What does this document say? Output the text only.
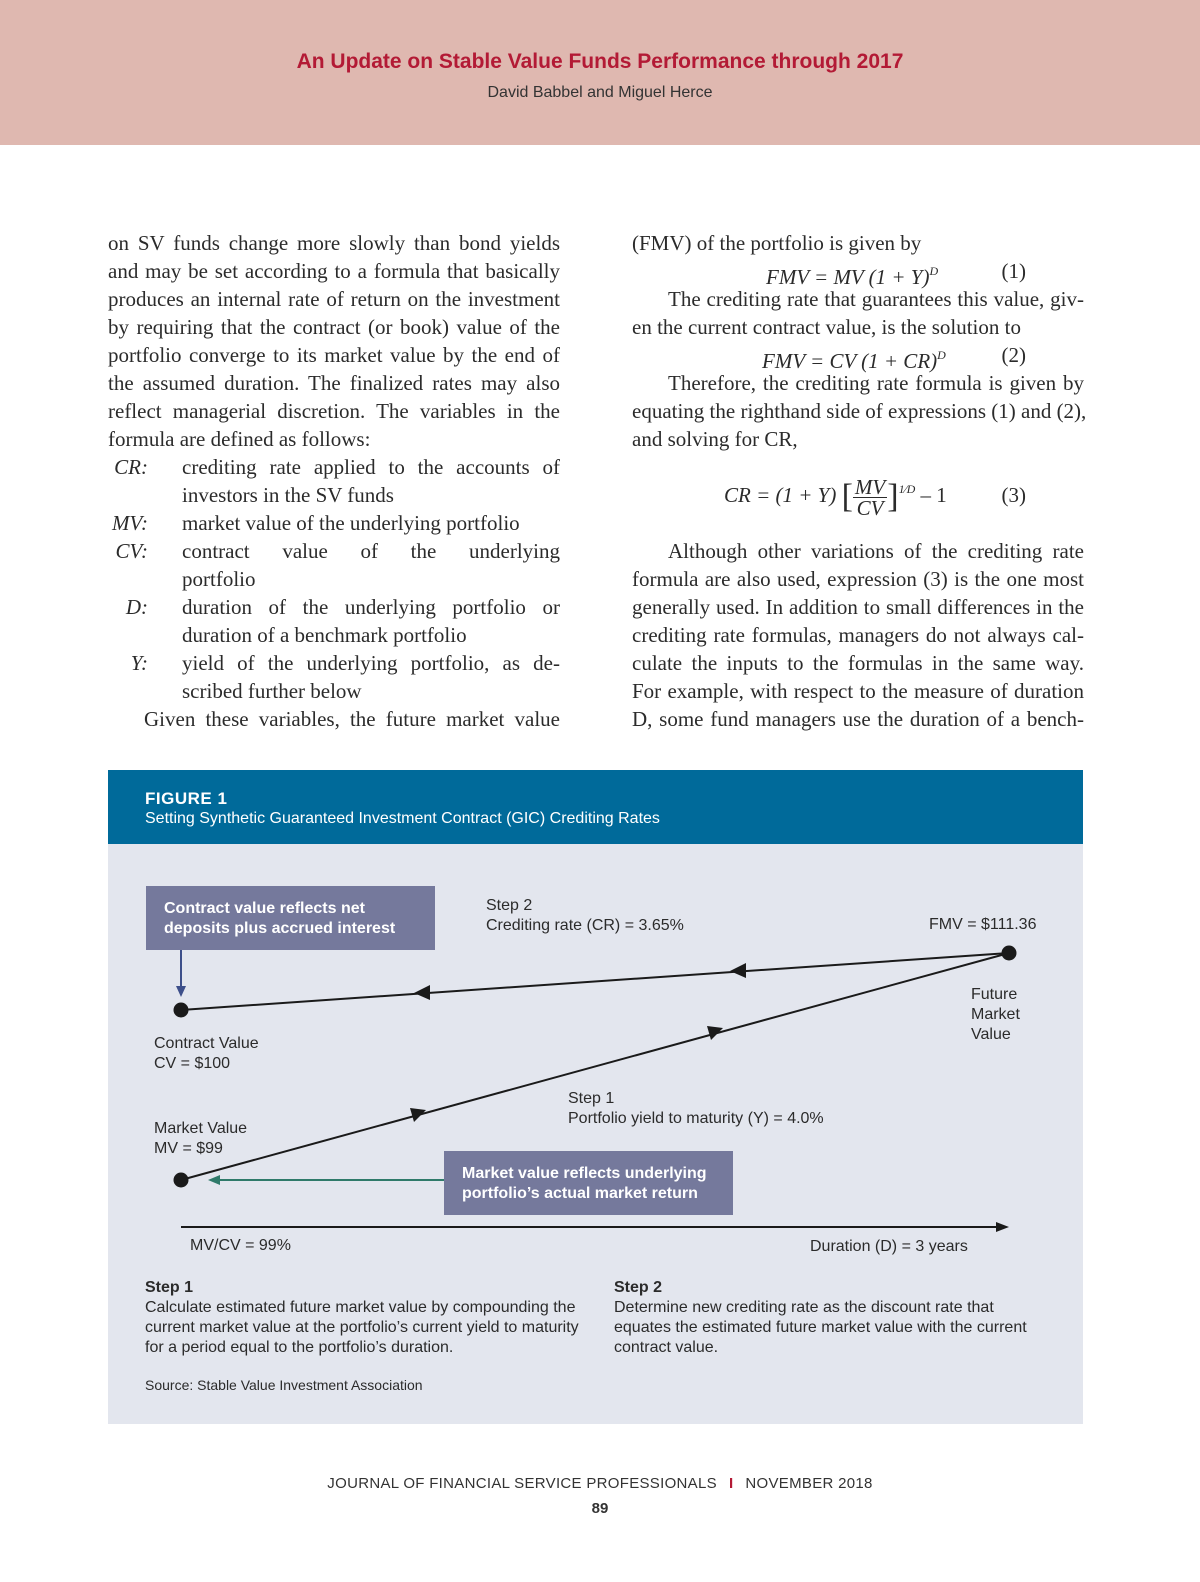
An Update on Stable Value Funds Performance through 2017
David Babbel and Miguel Herce
on SV funds change more slowly than bond yields
and may be set according to a formula that basically
produces an internal rate of return on the investment
by requiring that the contract (or book) value of the
portfolio converge to its market value by the end of
the assumed duration. The finalized rates may also
reflect managerial discretion. The variables in the
formula are defined as follows:
CR:	crediting rate applied to the accounts of
investors in the SV funds
MV:	market value of the underlying portfolio
CV:	contract value of the underlying
portfolio
D:	duration of the underlying portfolio or
duration of a benchmark portfolio
Y:	yield of the underlying portfolio, as de-
scribed further below
Given these variables, the future market value
(FMV) of the portfolio is given by
FMV = MV $(1 + Y)^D$	(1)
The crediting rate that guarantees this value, giv-
en the current contract value, is the solution to
FMV = CV (1 + CR)$^D$	(2)
Therefore, the crediting rate formula is given by
equating the righthand side of expressions (1) and (2),
and solving for CR,
CR = (1 + Y) [ $\frac{MV}{CV} ]^{1⁄D} - 1$	(3)
Although other variations of the crediting rate
formula are also used, expression (3) is the one most
generally used. In addition to small differences in the
crediting rate formulas, managers do not always cal-
culate the inputs to the formulas in the same way.
For example, with respect to the measure of duration
D, some fund managers use the duration of a bench-
FIGURE 1
Setting Synthetic Guaranteed Investment Contract (GIC) Crediting Rates
Contract value reflects net deposits plus accrued interest
Market value reflects underlying portfolio’s actual market return
Step 2
Crediting rate (CR) = 3.65%	FMV = $111.36
Future
Market
Value
Contract Value
CV = $100
Step 1
Portfolio yield to maturity (Y) = 4.0%
Market Value
MV = $99
MV/CV = 99%	Duration (D) = 3 years
Step 1
Calculate estimated future market value by compounding the current market value at the portfolio’s current yield to maturity for a period equal to the portfolio’s duration.
Step 2
Determine new crediting rate as the discount rate that equates the estimated future market value with the current contract value.
Source: Stable Value Investment Association
JOURNAL OF FINANCIAL SERVICE PROFESSIONALS I NOVEMBER 2018
89
